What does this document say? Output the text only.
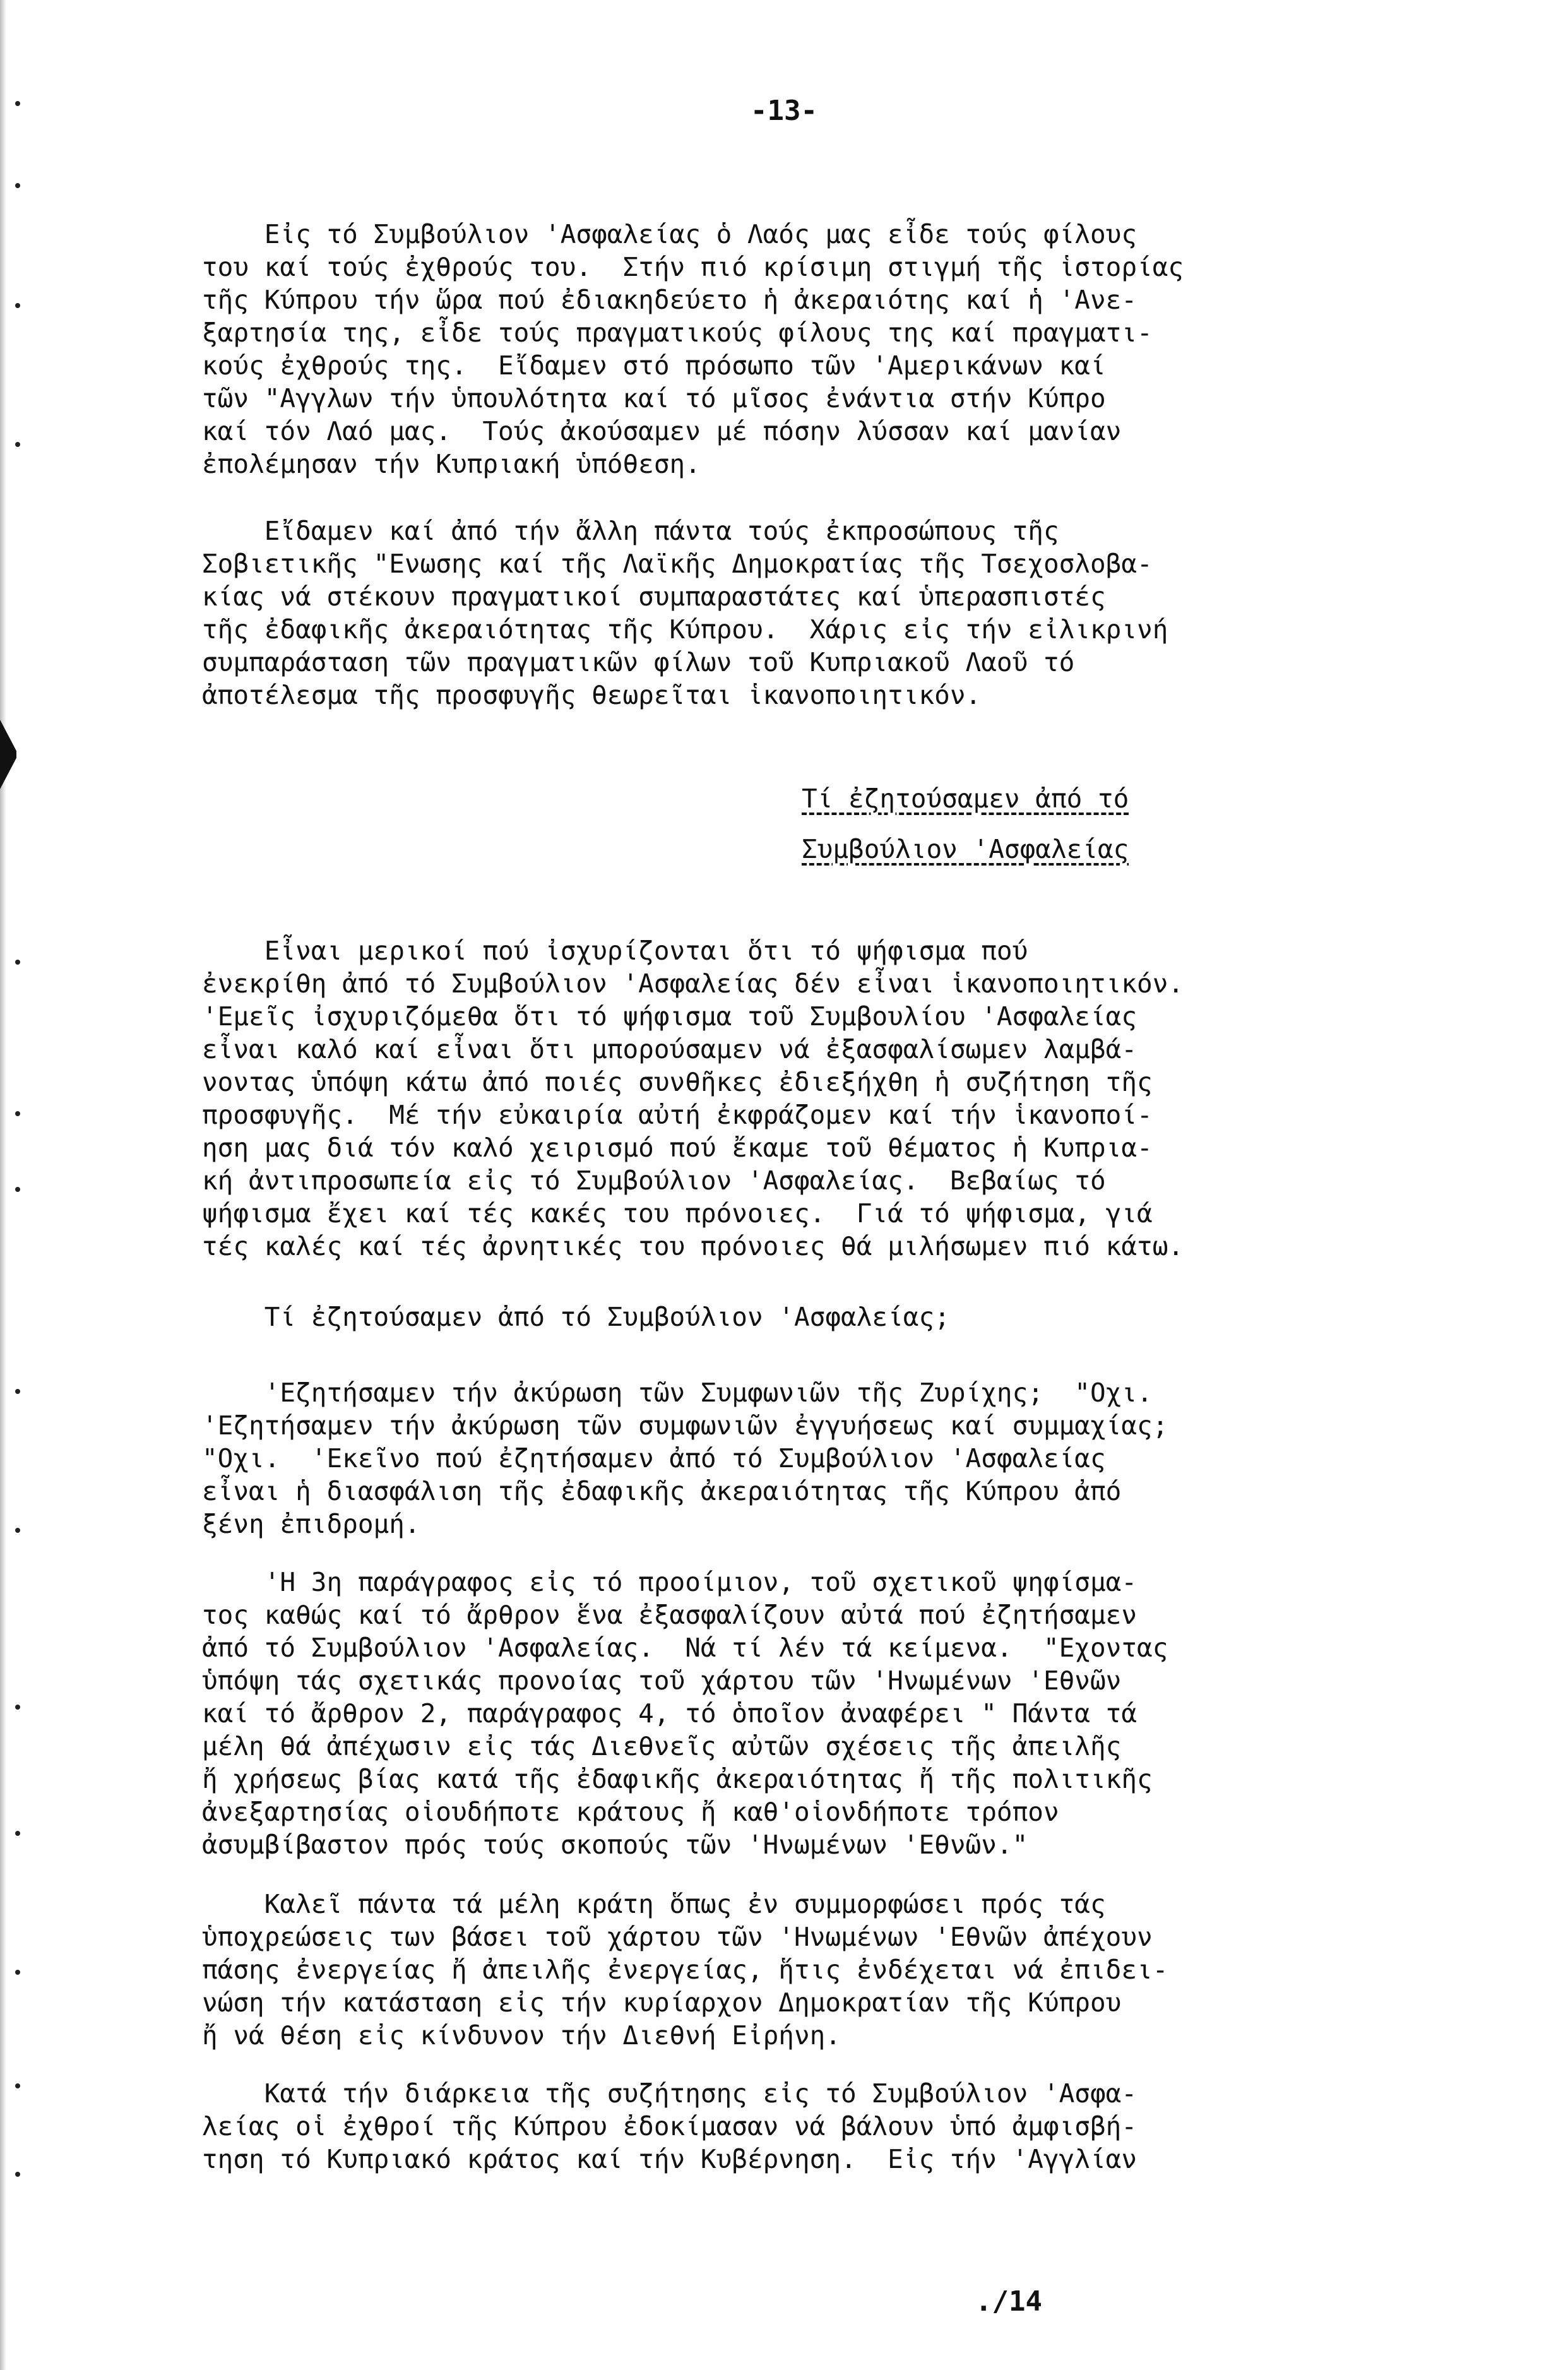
-13-
Εἰς τό Συμβούλιον 'Ασφαλείας ὁ Λαός μας εἶδε τούς φίλους
του καί τούς ἐχθρούς του.  Στήν πιό κρίσιμη στιγμή τῆς ἱστορίας
τῆς Κύπρου τήν ὥρα πού ἐδιακηδεύετο ἡ ἀκεραιότης καί ἡ 'Ανε-
ξαρτησία της, εἶδε τούς πραγματικούς φίλους της καί πραγματι-
κούς ἐχθρούς της.  Εἴδαμεν στό πρόσωπο τῶν 'Αμερικάνων καί
τῶν "Αγγλων τήν ὑπουλότητα καί τό μῖσος ἐνάντια στήν Κύπρο
καί τόν Λαό μας.  Τούς ἀκούσαμεν μέ πόσην λύσσαν καί μανίαν
ἐπολέμησαν τήν Κυπριακή ὑπόθεση.
Εἴδαμεν καί ἀπό τήν ἄλλη πάντα τούς ἐκπροσώπους τῆς
Σοβιετικῆς "Ενωσης καί τῆς Λαϊκῆς Δημοκρατίας τῆς Τσεχοσλοβα-
κίας νά στέκουν πραγματικοί συμπαραστάτες καί ὑπερασπιστές
τῆς ἐδαφικῆς ἀκεραιότητας τῆς Κύπρου.  Χάρις εἰς τήν εἰλικρινή
συμπαράσταση τῶν πραγματικῶν φίλων τοῦ Κυπριακοῦ Λαοῦ τό
ἀποτέλεσμα τῆς προσφυγῆς θεωρεῖται ἱκανοποιητικόν.
Τί ἐζητούσαμεν ἀπό τό
Συμβούλιον 'Ασφαλείας
Εἶναι μερικοί πού ἰσχυρίζονται ὅτι τό ψήφισμα πού
ἐνεκρίθη ἀπό τό Συμβούλιον 'Ασφαλείας δέν εἶναι ἱκανοποιητικόν.
'Εμεῖς ἰσχυριζόμεθα ὅτι τό ψήφισμα τοῦ Συμβουλίου 'Ασφαλείας
εἶναι καλό καί εἶναι ὅτι μπορούσαμεν νά ἐξασφαλίσωμεν λαμβά-
νοντας ὑπόψη κάτω ἀπό ποιές συνθῆκες ἐδιεξήχθη ἡ συζήτηση τῆς
προσφυγῆς.  Μέ τήν εὐκαιρία αὐτή ἐκφράζομεν καί τήν ἱκανοποί-
ηση μας διά τόν καλό χειρισμό πού ἔκαμε τοῦ θέματος ἡ Κυπρια-
κή ἀντιπροσωπεία εἰς τό Συμβούλιον 'Ασφαλείας.  Βεβαίως τό
ψήφισμα ἔχει καί τές κακές του πρόνοιες.  Γιά τό ψήφισμα, γιά
τές καλές καί τές ἀρνητικές του πρόνοιες θά μιλήσωμεν πιό κάτω.
Τί ἐζητούσαμεν ἀπό τό Συμβούλιον 'Ασφαλείας;
'Εζητήσαμεν τήν ἀκύρωση τῶν Συμφωνιῶν τῆς Ζυρίχης;  "Οχι.
'Εζητήσαμεν τήν ἀκύρωση τῶν συμφωνιῶν ἐγγυήσεως καί συμμαχίας;
"Οχι.  'Εκεῖνο πού ἐζητήσαμεν ἀπό τό Συμβούλιον 'Ασφαλείας
εἶναι ἡ διασφάλιση τῆς ἐδαφικῆς ἀκεραιότητας τῆς Κύπρου ἀπό
ξένη ἐπιδρομή.
'Η 3η παράγραφος εἰς τό προοίμιον, τοῦ σχετικοῦ ψηφίσμα-
τος καθώς καί τό ἄρθρον ἕνα ἐξασφαλίζουν αὐτά πού ἐζητήσαμεν
ἀπό τό Συμβούλιον 'Ασφαλείας.  Νά τί λέν τά κείμενα.  "Εχοντας
ὑπόψη τάς σχετικάς προνοίας τοῦ χάρτου τῶν 'Ηνωμένων 'Εθνῶν
καί τό ἄρθρον 2, παράγραφος 4, τό ὁποῖον ἀναφέρει " Πάντα τά
μέλη θά ἀπέχωσιν εἰς τάς Διεθνεῖς αὐτῶν σχέσεις τῆς ἀπειλῆς
ἤ χρήσεως βίας κατά τῆς ἐδαφικῆς ἀκεραιότητας ἤ τῆς πολιτικῆς
ἀνεξαρτησίας οἱουδήποτε κράτους ἤ καθ'οἱονδήποτε τρόπον
ἀσυμβίβαστον πρός τούς σκοπούς τῶν 'Ηνωμένων 'Εθνῶν."
Καλεῖ πάντα τά μέλη κράτη ὅπως ἐν συμμορφώσει πρός τάς
ὑποχρεώσεις των βάσει τοῦ χάρτου τῶν 'Ηνωμένων 'Εθνῶν ἀπέχουν
πάσης ἐνεργείας ἤ ἀπειλῆς ἐνεργείας, ἥτις ἐνδέχεται νά ἐπιδει-
νώση τήν κατάσταση εἰς τήν κυρίαρχον Δημοκρατίαν τῆς Κύπρου
ἤ νά θέση εἰς κίνδυνον τήν Διεθνή Εἰρήνη.
Κατά τήν διάρκεια τῆς συζήτησης εἰς τό Συμβούλιον 'Ασφα-
λείας οἱ ἐχθροί τῆς Κύπρου ἐδοκίμασαν νά βάλουν ὑπό ἀμφισβή-
τηση τό Κυπριακό κράτος καί τήν Κυβέρνηση.  Εἰς τήν 'Αγγλίαν
./14
